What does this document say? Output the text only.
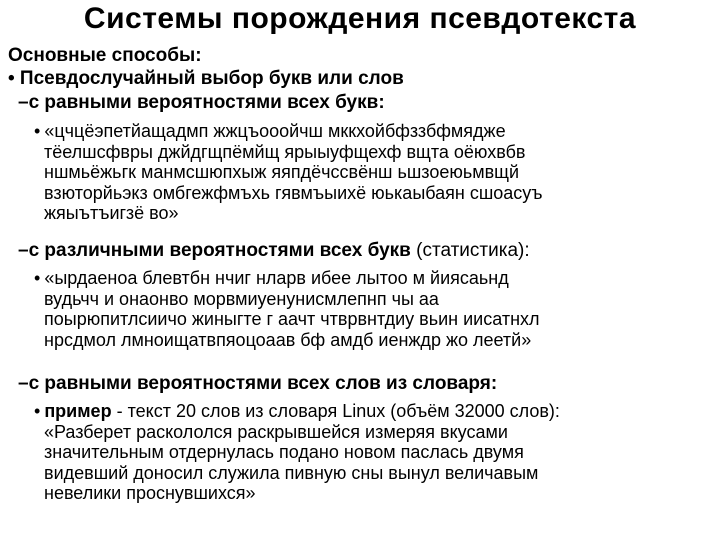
Системы порождения псевдотекста
Основные способы:
• Псевдослучайный выбор букв или слов
–с равными вероятностями всех букв:
• «цчцёэпетйащадмп жжцъооойчш мккхойбфззбфмядже
тёелшсфвры джйдгщпёмйщ ярыыуфщехф вщта оёюхвбв
ншмьёжьгк манмсшюпхыж яяпдёчссвёнш ьшзоеюьмвщй
взюторйьэкз омбгежфмъхь гявмъыихё юькаыбаян сшоасуъ
жяыътъигзё во»
–с различными вероятностями всех букв (статистика):
• «ырдаеноа блевтбн нчиг нларв ибее лытоо м йиясаьнд
вудьчч и онаонво морвмиуенунисмлепнп чы аа
поырюпитлсиичо жиныгте г аачт чтврвнтдиу вьин иисатнхл
нрсдмол лмноищатвпяоцоаав бф амдб иенждр жо леетй»
–с равными вероятностями всех слов из словаря:
• пример - текст 20 слов из словаря Linux (объём 32000 слов):
«Разберет раскололся раскрывшейся измеряя вкусами
значительным отдернулась подано новом паслась двумя
видевший доносил служила пивную сны вынул величавым
невелики проснувшихся»
